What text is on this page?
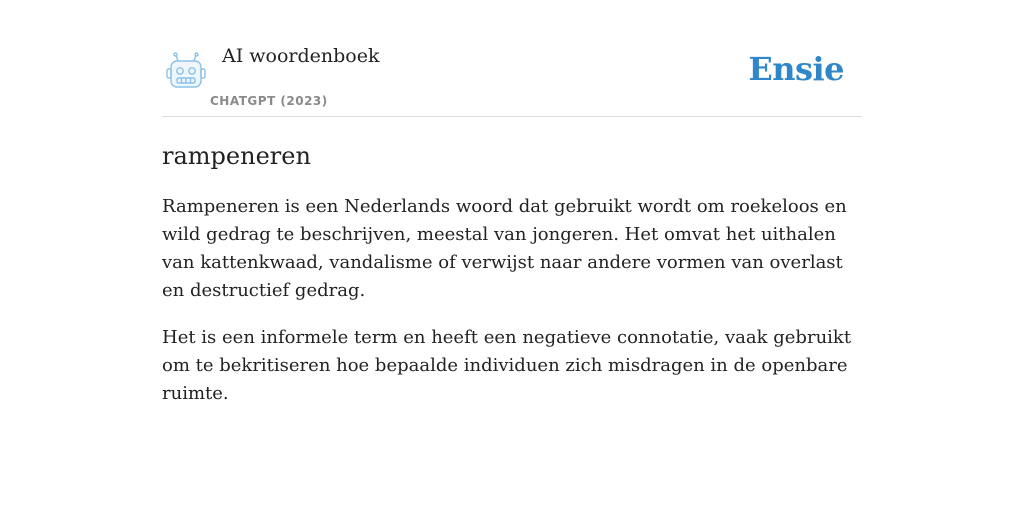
AI woordenboek
CHATGPT (2023)
Ensie
rampeneren

Rampeneren is een Nederlands woord dat gebruikt wordt om roekeloos en wild gedrag te beschrijven, meestal van jongeren. Het omvat het uithalen van kattenkwaad, vandalisme of verwijst naar andere vormen van overlast en destructief gedrag.

Het is een informele term en heeft een negatieve connotatie, vaak gebruikt om te bekritiseren hoe bepaalde individuen zich misdragen in de openbare ruimte.
